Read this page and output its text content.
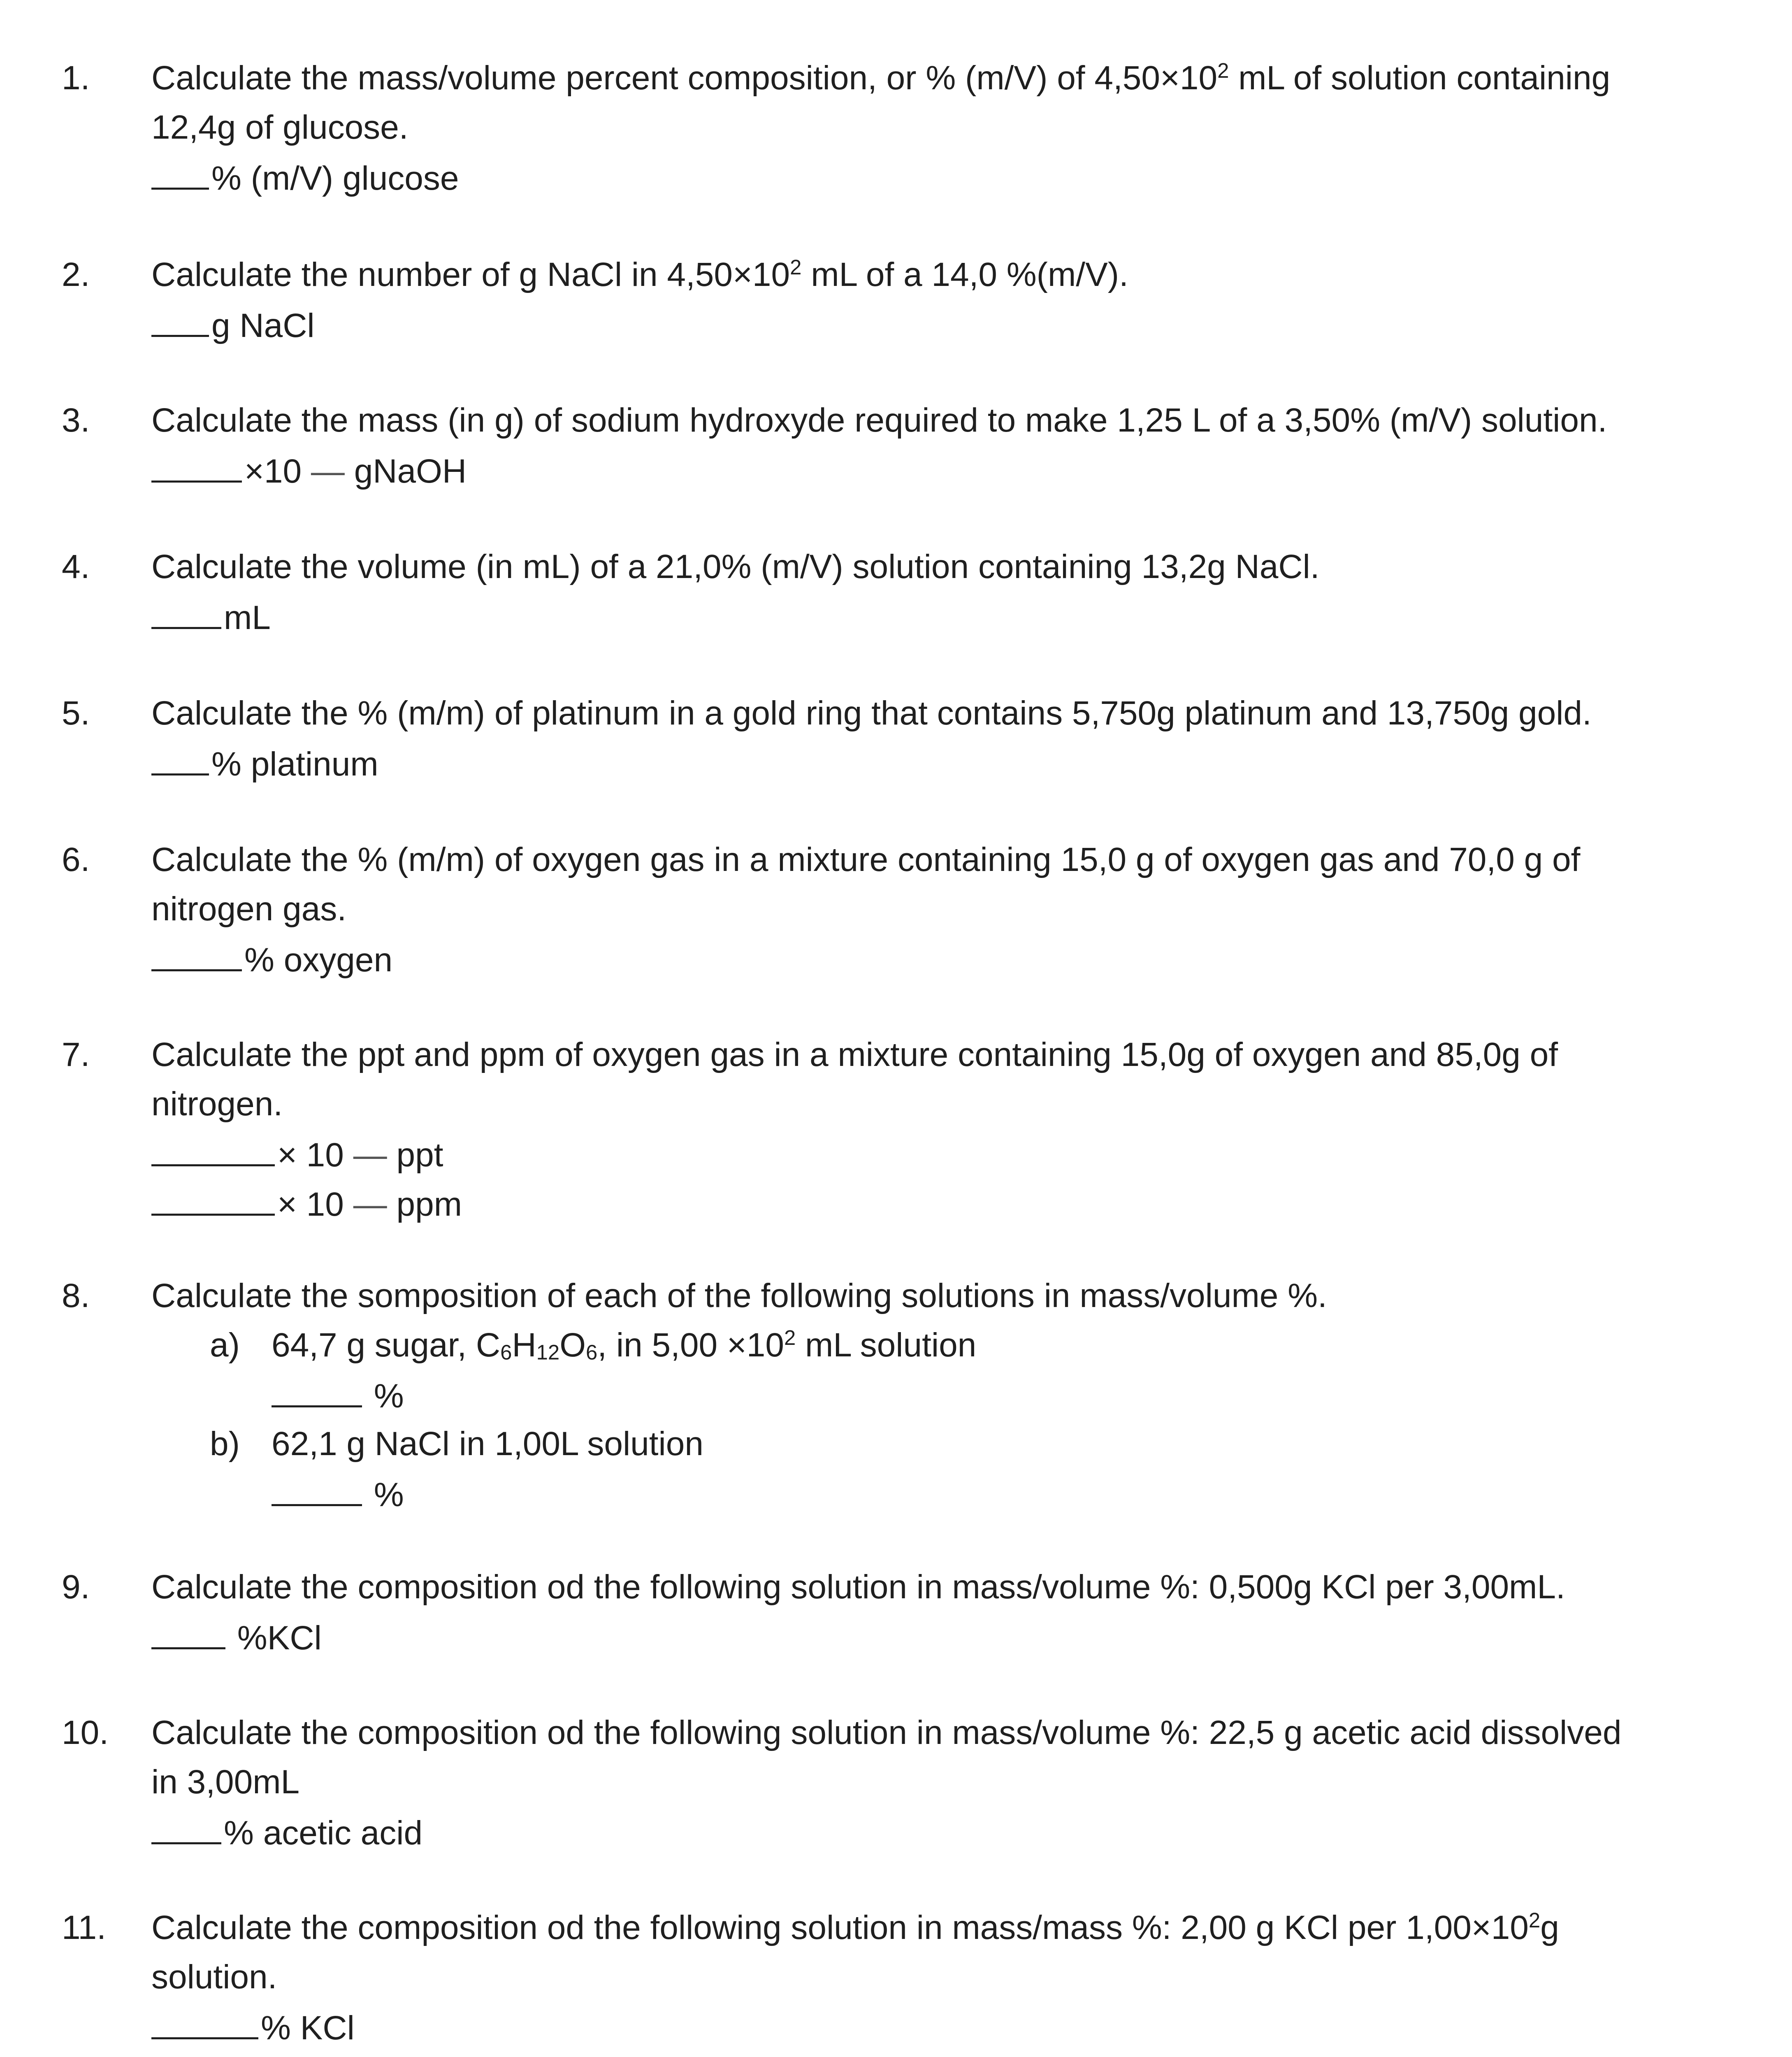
1.	Calculate the mass/volume percent composition, or % (m/V) of $4,50\times 10^2$ mL of solution containing
12,4g of glucose.
% (m/V) glucose
2.	Calculate the number of g NaCl in $4,50\times 10^2$ mL of a 14,0 %(m/V).
g NaCl
3.	Calculate the mass (in g) of sodium hydroxyde required to make 1,25 L of a 3,50% (m/V) solution.
×10 — gNaOH
4.	Calculate the volume (in mL) of a 21,0% (m/V) solution containing 13,2g NaCl.
mL
5.	Calculate the % (m/m) of platinum in a gold ring that contains 5,750g platinum and 13,750g gold.
% platinum
6.	Calculate the % (m/m) of oxygen gas in a mixture containing 15,0 g of oxygen gas and 70,0 g of
nitrogen gas.
% oxygen
7.	Calculate the ppt and ppm of oxygen gas in a mixture containing 15,0g of oxygen and 85,0g of
nitrogen.
× 10 — ppt
× 10 — ppm
8.	Calculate the somposition of each of the following solutions in mass/volume %.
a) 64,7 g sugar, $C_6H_{12}O_6$, in $5,00 \times 10^2$ mL solution
%
b) 62,1 g NaCl in 1,00L solution
%
9.	Calculate the composition od the following solution in mass/volume %: 0,500g KCl per 3,00mL.
%KCl
10.	Calculate the composition od the following solution in mass/volume %: 22,5 g acetic acid dissolved
in 3,00mL
% acetic acid
11.	Calculate the composition od the following solution in mass/mass %: 2,00 g KCl per $1,00\times 10^2g$
solution.
% KCl
